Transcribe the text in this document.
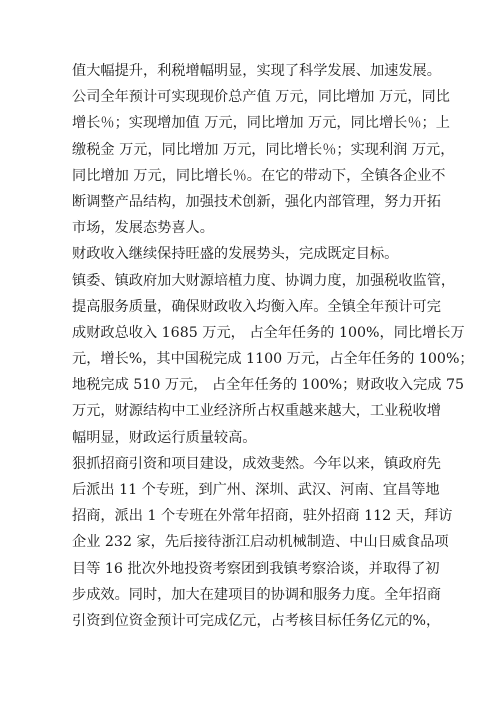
值大幅提升，利税增幅明显，实现了科学发展、加速发展。
公司全年预计可实现现价总产值 万元，同比增加 万元，同比
增长％；实现增加值 万元，同比增加 万元，同比增长％；上
缴税金 万元，同比增加 万元，同比增长％；实现利润 万元，
同比增加 万元，同比增长％。在它的带动下，全镇各企业不
断调整产品结构，加强技术创新，强化内部管理，努力开拓
市场，发展态势喜人。
财政收入继续保持旺盛的发展势头，完成既定目标。
镇委、镇政府加大财源培植力度、协调力度，加强税收监管，
提高服务质量，确保财政收入均衡入库。全镇全年预计可完
成财政总收入 1685 万元， 占全年任务的 100%，同比增长万
元，增长%，其中国税完成 1100 万元，占全年任务的 100%；
地税完成 510 万元， 占全年任务的 100%；财政收入完成 75
万元，财源结构中工业经济所占权重越来越大，工业税收增
幅明显，财政运行质量较高。
狠抓招商引资和项目建设，成效斐然。今年以来，镇政府先
后派出 11 个专班，到广州、深圳、武汉、河南、宜昌等地
招商，派出 1 个专班在外常年招商，驻外招商 112 天，拜访
企业 232 家，先后接待浙江启动机械制造、中山日威食品项
目等 16 批次外地投资考察团到我镇考察洽谈，并取得了初
步成效。同时，加大在建项目的协调和服务力度。全年招商
引资到位资金预计可完成亿元，占考核目标任务亿元的%，
